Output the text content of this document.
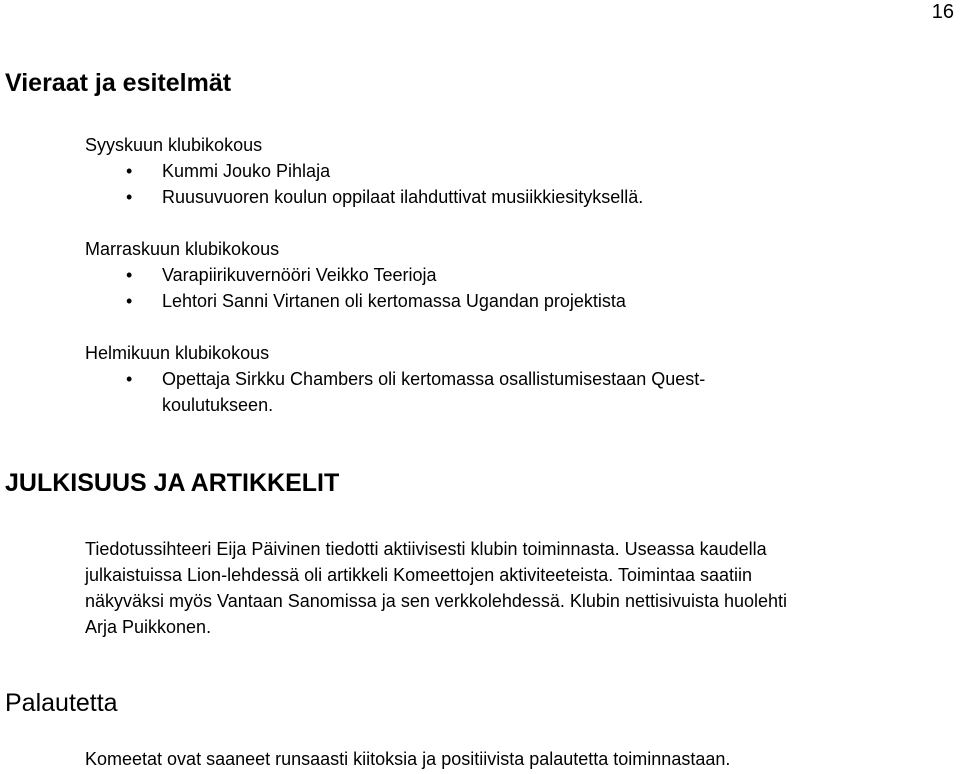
16
Vieraat ja esitelmät
Syyskuun klubikokous
• Kummi Jouko Pihlaja
• Ruusuvuoren koulun oppilaat ilahduttivat musiikkiesityksellä.
Marraskuun klubikokous
• Varapiirikuvernööri Veikko Teerioja
• Lehtori Sanni Virtanen oli kertomassa Ugandan projektista
Helmikuun klubikokous
• Opettaja Sirkku Chambers oli kertomassa osallistumisestaan Quest-
koulutukseen.
JULKISUUS JA ARTIKKELIT
Tiedotussihteeri Eija Päivinen tiedotti aktiivisesti klubin toiminnasta. Useassa kaudella
julkaistuissa Lion-lehdessä oli artikkeli Komeettojen aktiviteeteista. Toimintaa saatiin
näkyväksi myös Vantaan Sanomissa ja sen verkkolehdessä. Klubin nettisivuista huolehti
Arja Puikkonen.
Palautetta
Komeetat ovat saaneet runsaasti kiitoksia ja positiivista palautetta toiminnastaan.
